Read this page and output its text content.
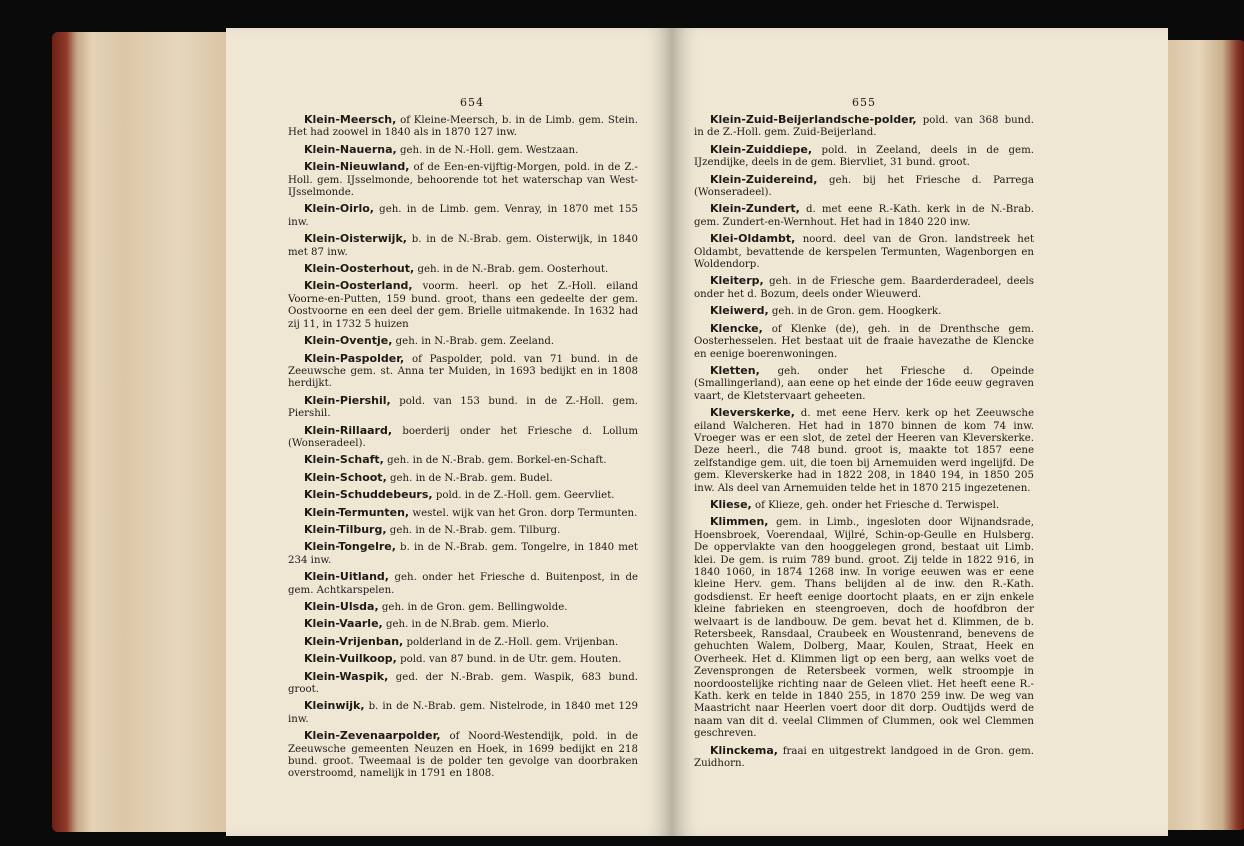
654

Klein-Meersch, of Kleine-Meersch, b. in de Limb. gem. Stein. Het had zoowel in 1840 als in 1870 127 inw.

Klein-Nauerna, geh. in de N.-Holl. gem. Westzaan.

Klein-Nieuwland, of de Een-en-vijftig-Morgen, pold. in de Z.-Holl. gem. IJsselmonde, behoorende tot het waterschap van West-IJsselmonde.

Klein-Oirlo, geh. in de Limb. gem. Venray, in 1870 met 155 inw.

Klein-Oisterwijk, b. in de N.-Brab. gem. Oisterwijk, in 1840 met 87 inw.

Klein-Oosterhout, geh. in de N.-Brab. gem. Oosterhout.

Klein-Oosterland, voorm. heerl. op het Z.-Holl. eiland Voorne-en-Putten, 159 bund. groot, thans een gedeelte der gem. Oostvoorne en een deel der gem. Brielle uitmakende. In 1632 had zij 11, in 1732 5 huizen

Klein-Oventje, geh. in N.-Brab. gem. Zeeland.

Klein-Paspolder, of Paspolder, pold. van 71 bund. in de Zeeuwsche gem. st. Anna ter Muiden, in 1693 bedijkt en in 1808 herdijkt.

Klein-Piershil, pold. van 153 bund. in de Z.-Holl. gem. Piershil.

Klein-Rillaard, boerderij onder het Friesche d. Lollum (Wonseradeel).

Klein-Schaft, geh. in de N.-Brab. gem. Borkel-en-Schaft.

Klein-Schoot, geh. in de N.-Brab. gem. Budel.

Klein-Schuddebeurs, pold. in de Z.-Holl. gem. Geervliet.

Klein-Termunten, westel. wijk van het Gron. dorp Termunten.

Klein-Tilburg, geh. in de N.-Brab. gem. Tilburg.

Klein-Tongelre, b. in de N.-Brab. gem. Tongelre, in 1840 met 234 inw.

Klein-Uitland, geh. onder het Friesche d. Buitenpost, in de gem. Achtkarspelen.

Klein-Ulsda, geh. in de Gron. gem. Bellingwolde.

Klein-Vaarle, geh. in de N.Brab. gem. Mierlo.

Klein-Vrijenban, polderland in de Z.-Holl. gem. Vrijenban.

Klein-Vuilkoop, pold. van 87 bund. in de Utr. gem. Houten.

Klein-Waspik, ged. der N.-Brab. gem. Waspik, 683 bund. groot.

Kleinwijk, b. in de N.-Brab. gem. Nistelrode, in 1840 met 129 inw.

Klein-Zevenaarpolder, of Noord-Westendijk, pold. in de Zeeuwsche gemeenten Neuzen en Hoek, in 1699 bedijkt en 218 bund. groot. Tweemaal is de polder ten gevolge van doorbraken overstroomd, namelijk in 1791 en 1808.

655

Klein-Zuid-Beijerlandsche-polder, pold. van 368 bund. in de Z.-Holl. gem. Zuid-Beijerland.

Klein-Zuiddiepe, pold. in Zeeland, deels in de gem. IJzendijke, deels in de gem. Biervliet, 31 bund. groot.

Klein-Zuidereind, geh. bij het Friesche d. Parrega (Wonseradeel).

Klein-Zundert, d. met eene R.-Kath. kerk in de N.-Brab. gem. Zundert-en-Wernhout. Het had in 1840 220 inw.

Klei-Oldambt, noord. deel van de Gron. landstreek het Oldambt, bevattende de kerspelen Termunten, Wagenborgen en Woldendorp.

Kleiterp, geh. in de Friesche gem. Baarderderadeel, deels onder het d. Bozum, deels onder Wieuwerd.

Kleiwerd, geh. in de Gron. gem. Hoogkerk.

Klencke, of Klenke (de), geh. in de Drenthsche gem. Oosterhesselen. Het bestaat uit de fraaie havezathe de Klencke en eenige boerenwoningen.

Kletten, geh. onder het Friesche d. Opeinde (Smallingerland), aan eene op het einde der 16de eeuw gegraven vaart, de Kletstervaart geheeten.

Kleverskerke, d. met eene Herv. kerk op het Zeeuwsche eiland Walcheren. Het had in 1870 binnen de kom 74 inw. Vroeger was er een slot, de zetel der Heeren van Kleverskerke. Deze heerl., die 748 bund. groot is, maakte tot 1857 eene zelfstandige gem. uit, die toen bij Arnemuiden werd ingelijfd. De gem. Kleverskerke had in 1822 208, in 1840 194, in 1850 205 inw. Als deel van Arnemuiden telde het in 1870 215 ingezetenen.

Kliese, of Klieze, geh. onder het Friesche d. Terwispel.

Klimmen, gem. in Limb., ingesloten door Wijnandsrade, Hoensbroek, Voerendaal, Wijlré, Schin-op-Geulle en Hulsberg. De oppervlakte van den hooggelegen grond, bestaat uit Limb. klei. De gem. is ruim 789 bund. groot. Zij telde in 1822 916, in 1840 1060, in 1874 1268 inw. In vorige eeuwen was er eene kleine Herv. gem. Thans belijden al de inw. den R.-Kath. godsdienst. Er heeft eenige doortocht plaats, en er zijn enkele kleine fabrieken en steengroeven, doch de hoofdbron der welvaart is de landbouw. De gem. bevat het d. Klimmen, de b. Retersbeek, Ransdaal, Craubeek en Woustenrand, benevens de gehuchten Walem, Dolberg, Maar, Koulen, Straat, Heek en Overheek. Het d. Klimmen ligt op een berg, aan welks voet de Zevensprongen de Retersbeek vormen, welk stroompje in noordoostelijke richting naar de Geleen vliet. Het heeft eene R.-Kath. kerk en telde in 1840 255, in 1870 259 inw. De weg van Maastricht naar Heerlen voert door dit dorp. Oudtijds werd de naam van dit d. veelal Climmen of Clummen, ook wel Clemmen geschreven.

Klinckema, fraai en uitgestrekt landgoed in de Gron. gem. Zuidhorn.
